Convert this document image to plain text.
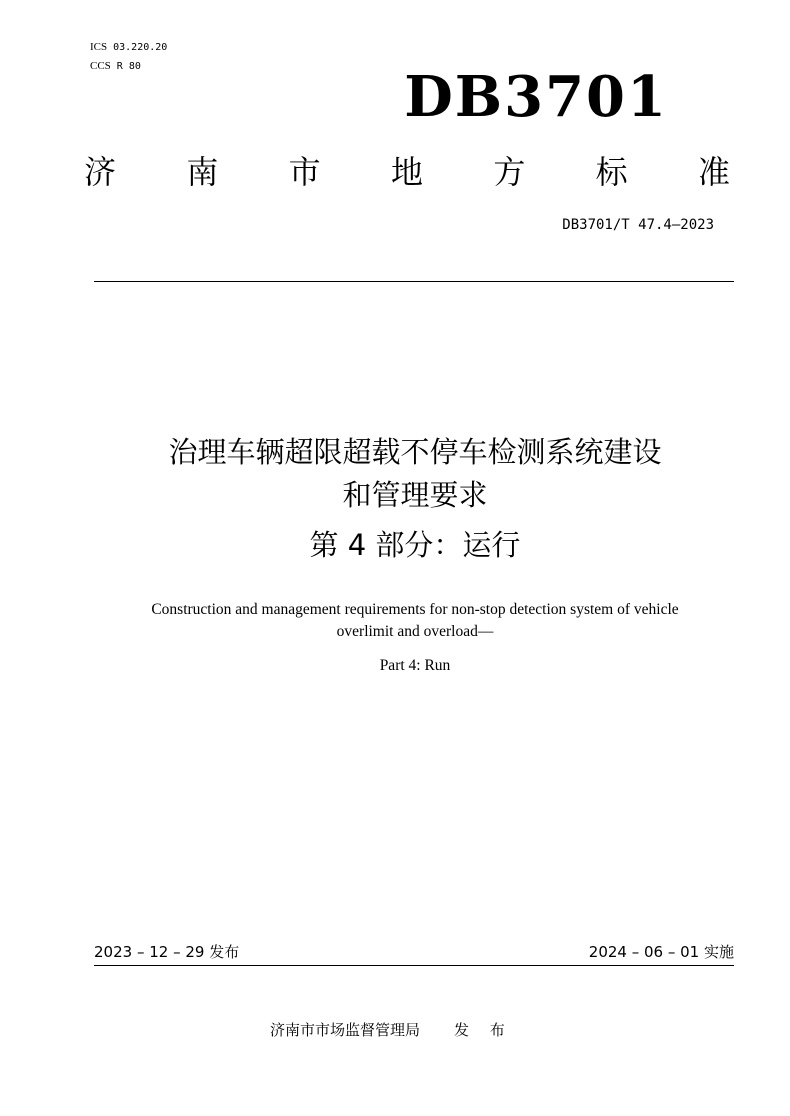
ICS 03.220.20
CCS R 80	DB3701
济 南 市 地 方 标 准
DB3701/T 47.4—2023
治理车辆超限超载不停车检测系统建设
和管理要求
第 4 部分：运行
Construction and management requirements for non-stop detection system of vehicle
overlimit and overload—
Part 4: Run
2023 – 12 – 29 发布	2024 – 06 – 01 实施
济南市市场监督管理局 发 布
